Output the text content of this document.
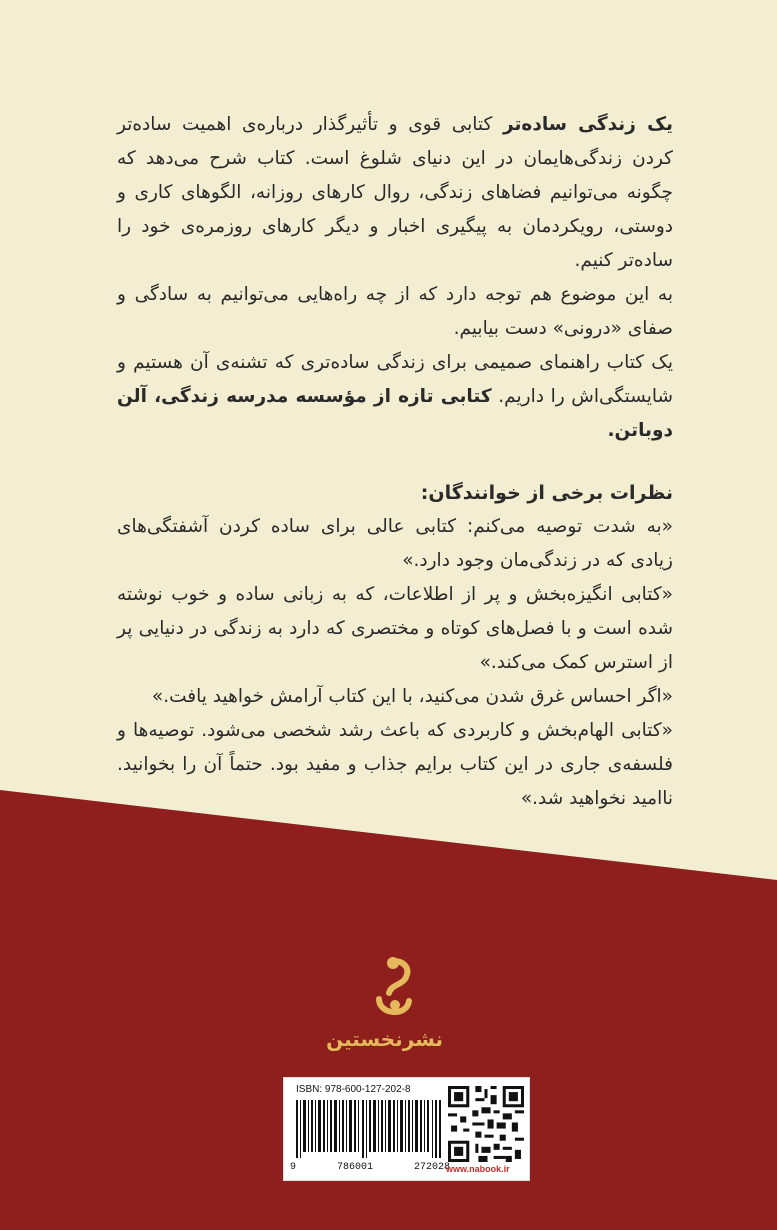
یک زندگی ساده‌تر کتابی قوی و تأثیرگذار درباره‌ی اهمیت ساده‌تر کردن زندگی‌هایمان در این دنیای شلوغ است. کتاب شرح می‌دهد که چگونه می‌توانیم فضاهای زندگی، روال کارهای روزانه، الگوهای کاری و دوستی، رویکردمان به پیگیری اخبار و دیگر کارهای روزمره‌ی خود را ساده‌تر کنیم.

به این موضوع هم توجه دارد که از چه راه‌هایی می‌توانیم به سادگی و صفای «درونی» دست بیابیم.

یک کتاب راهنمای صمیمی برای زندگی ساده‌تری که تشنه‌ی آن هستیم و شایستگی‌اش را داریم. کتابی تازه از مؤسسه مدرسه زندگی، آلن دوباتن.

نظرات برخی از خوانندگان:

«به شدت توصیه می‌کنم: کتابی عالی برای ساده کردن آشفتگی‌های زیادی که در زندگی‌مان وجود دارد.»

«کتابی انگیزه‌بخش و پر از اطلاعات، که به زبانی ساده و خوب نوشته شده است و با فصل‌های کوتاه و مختصری که دارد به زندگی در دنیایی پر از استرس کمک می‌کند.»

«اگر احساس غرق شدن می‌کنید، با این کتاب آرامش خواهید یافت.»

«کتابی الهام‌بخش و کاربردی که باعث رشد شخصی می‌شود. توصیه‌ها و فلسفه‌ی جاری در این کتاب برایم جذاب و مفید بود. حتماً آن را بخوانید. ناامید نخواهید شد.»

نشرنخستین
ISBN: 978-600-127-202-8
9	786001	272028
www.nabook.ir
